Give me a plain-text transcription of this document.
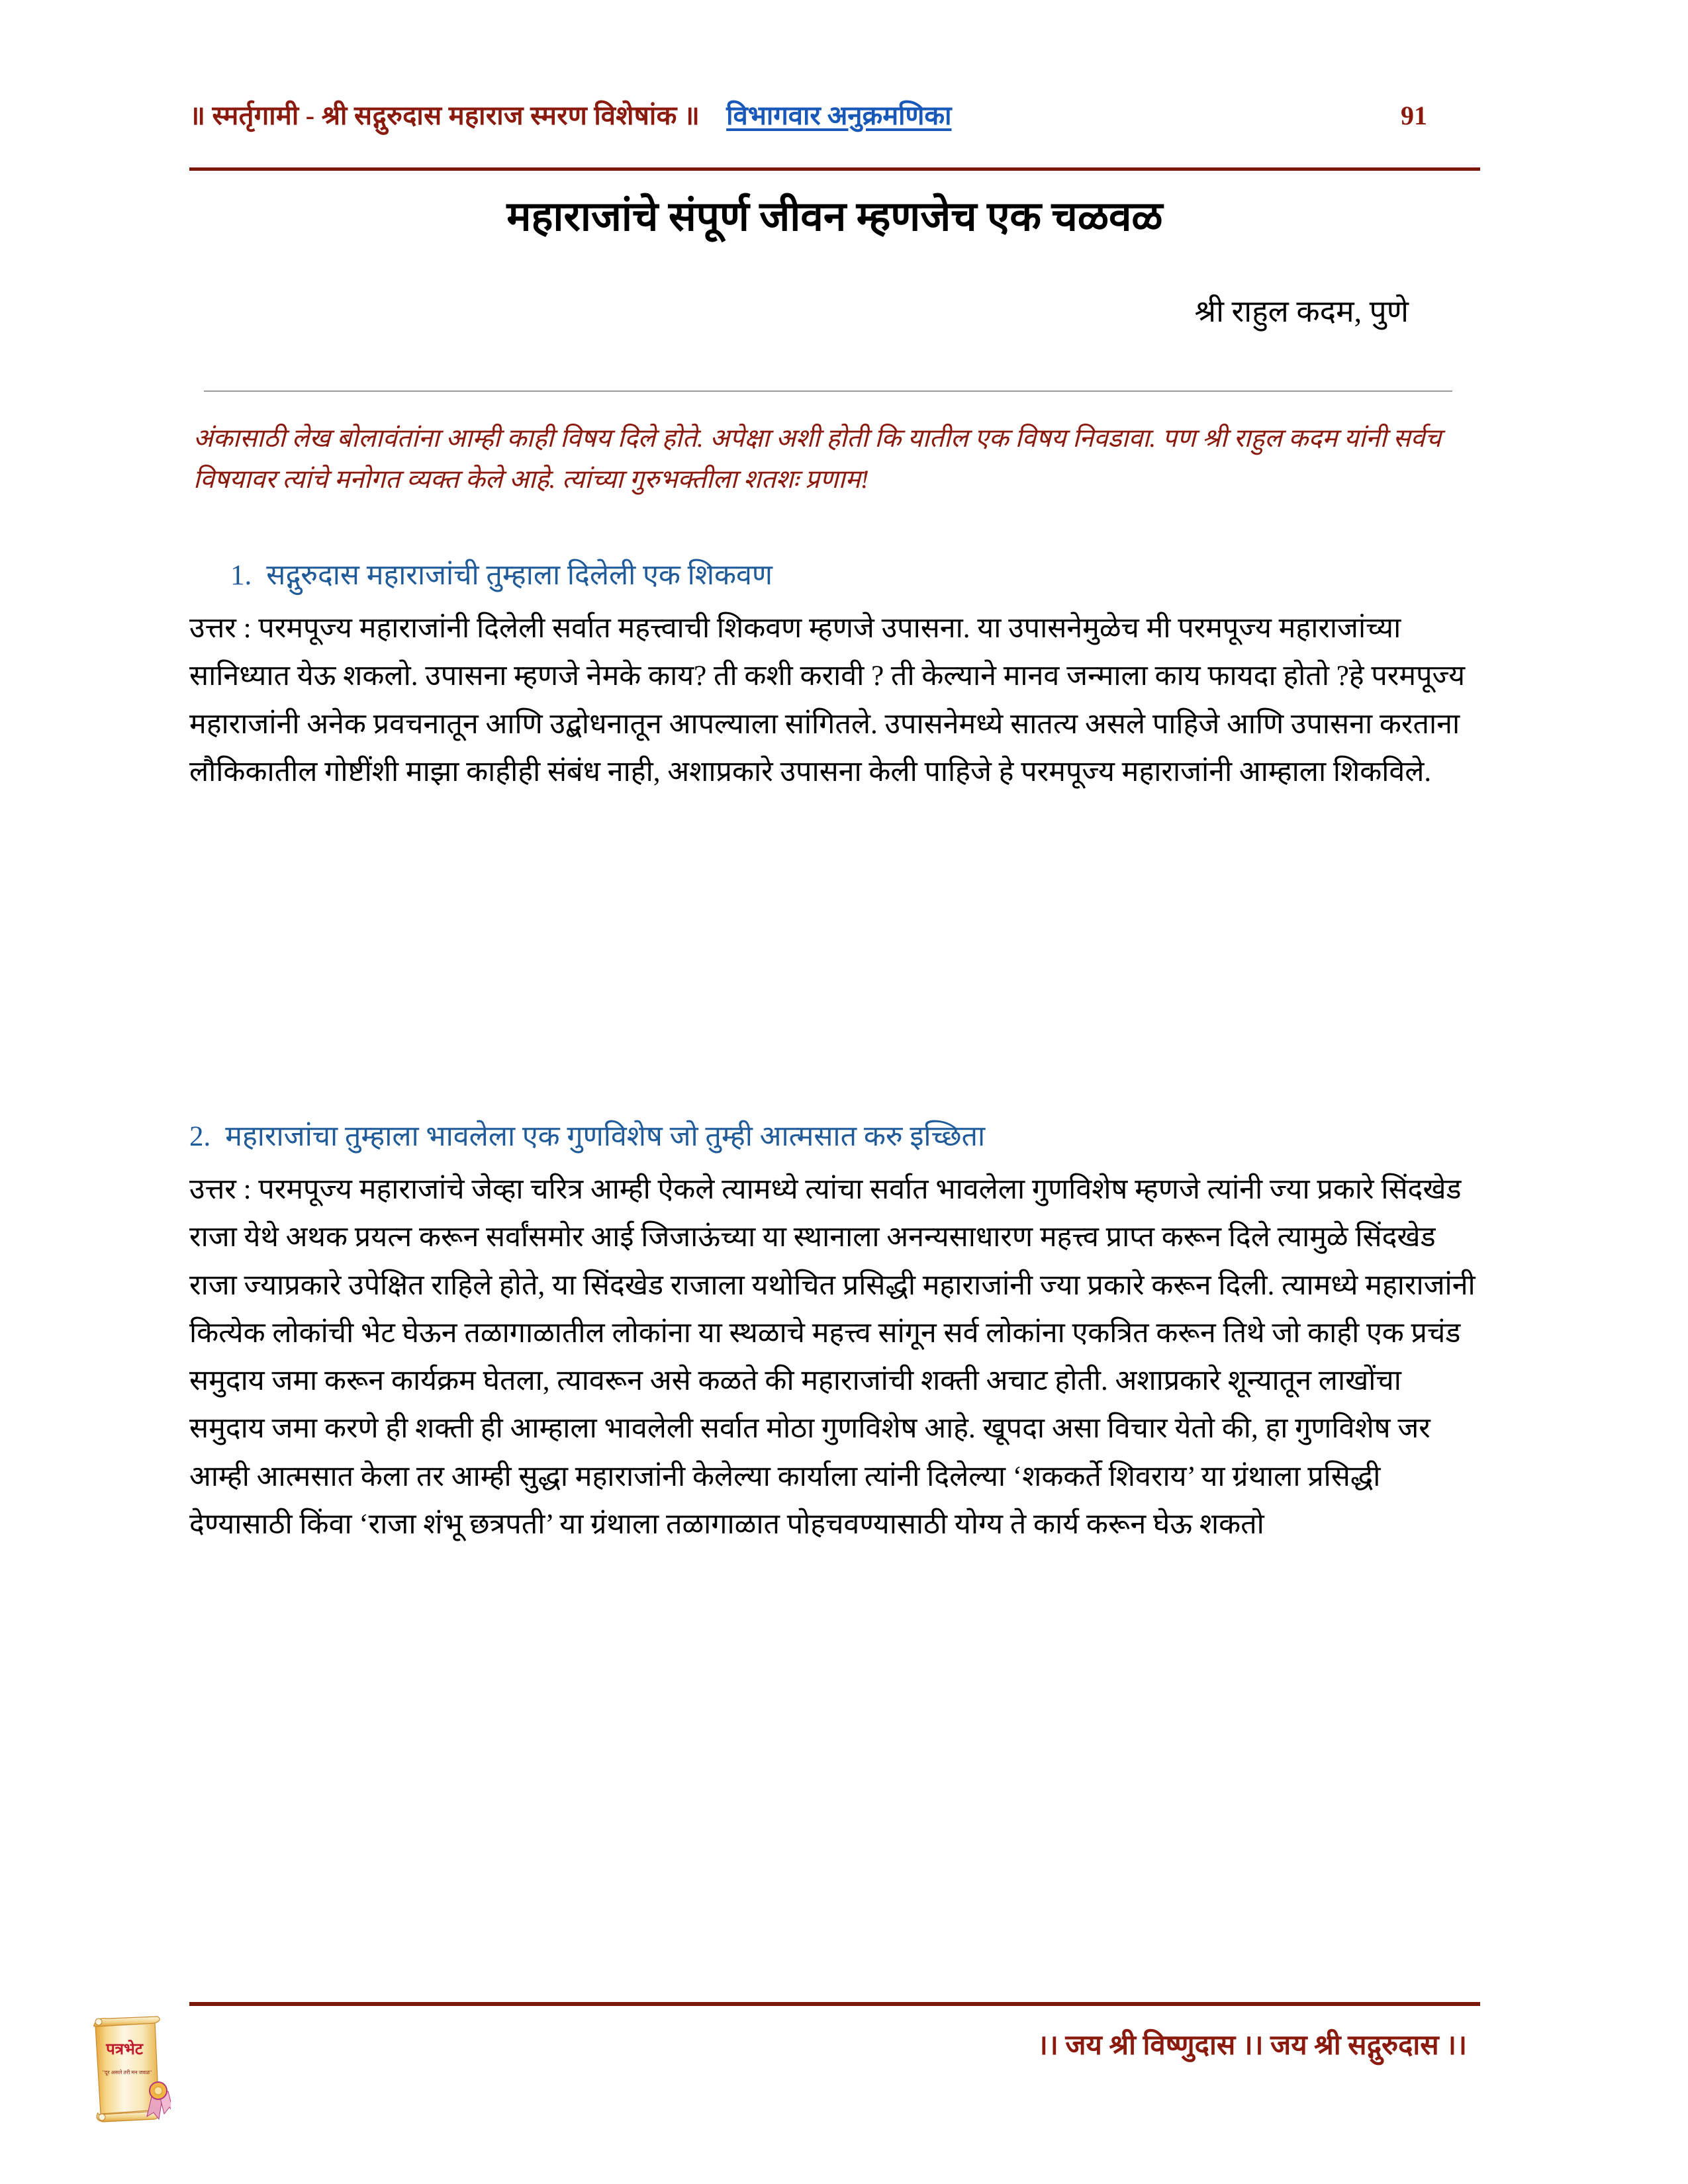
॥ स्मर्तृगामी - श्री सद्गुरुदास महाराज स्मरण विशेषांक ॥ विभागवार अनुक्रमणिका	91
महाराजांचे संपूर्ण जीवन म्हणजेच एक चळवळ
श्री राहुल कदम, पुणे
अंकासाठी लेख बोलावंतांना आम्ही काही विषय दिले होते. अपेक्षा अशी होती कि यातील एक विषय निवडावा. पण श्री राहुल कदम यांनी सर्वच विषयावर त्यांचे मनोगत व्यक्त केले आहे. त्यांच्या गुरुभक्तीला शतशः प्रणाम!
1. सद्गुरुदास महाराजांची तुम्हाला दिलेली एक शिकवण
उत्तर : परमपूज्य महाराजांनी दिलेली सर्वात महत्त्वाची शिकवण म्हणजे उपासना. या उपासनेमुळेच मी परमपूज्य महाराजांच्या सानिध्यात येऊ शकलो. उपासना म्हणजे नेमके काय? ती कशी करावी ? ती केल्याने मानव जन्माला काय फायदा होतो ?हे परमपूज्य महाराजांनी अनेक प्रवचनातून आणि उद्बोधनातून आपल्याला सांगितले. उपासनेमध्ये सातत्य असले पाहिजे आणि उपासना करताना लौकिकातील गोष्टींशी माझा काहीही संबंध नाही, अशाप्रकारे उपासना केली पाहिजे हे परमपूज्य महाराजांनी आम्हाला शिकविले.
2. महाराजांचा तुम्हाला भावलेला एक गुणविशेष जो तुम्ही आत्मसात करु इच्छिता
उत्तर : परमपूज्य महाराजांचे जेव्हा चरित्र आम्ही ऐकले त्यामध्ये त्यांचा सर्वात भावलेला गुणविशेष म्हणजे त्यांनी ज्या प्रकारे सिंदखेड राजा येथे अथक प्रयत्न करून सर्वांसमोर आई जिजाऊंच्या या स्थानाला अनन्यसाधारण महत्त्व प्राप्त करून दिले त्यामुळे सिंदखेड राजा ज्याप्रकारे उपेक्षित राहिले होते, या सिंदखेड राजाला यथोचित प्रसिद्धी महाराजांनी ज्या प्रकारे करून दिली. त्यामध्ये महाराजांनी कित्येक लोकांची भेट घेऊन तळागाळातील लोकांना या स्थळाचे महत्त्व सांगून सर्व लोकांना एकत्रित करून तिथे जो काही एक प्रचंड समुदाय जमा करून कार्यक्रम घेतला, त्यावरून असे कळते की महाराजांची शक्ती अचाट होती. अशाप्रकारे शून्यातून लाखोंचा समुदाय जमा करणे ही शक्ती ही आम्हाला भावलेली सर्वात मोठा गुणविशेष आहे. खूपदा असा विचार येतो की, हा गुणविशेष जर आम्ही आत्मसात केला तर आम्ही सुद्धा महाराजांनी केलेल्या कार्याला त्यांनी दिलेल्या ‘शककर्ते शिवराय’ या ग्रंथाला प्रसिद्धी देण्यासाठी किंवा ‘राजा शंभू छत्रपती’ या ग्रंथाला तळागाळात पोहचवण्यासाठी योग्य ते कार्य करून घेऊ शकतो
।। जय श्री विष्णुदास ।। जय श्री सद्गुरुदास ।।
पत्रभेट
"दूर असले तरी मन जवळ"
